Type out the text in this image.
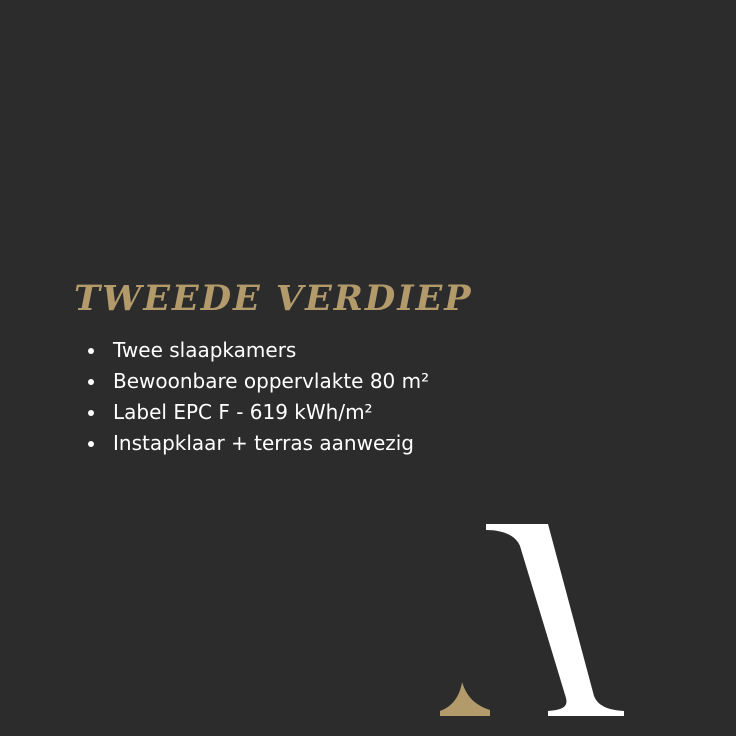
TWEEDE VERDIEP
Twee slaapkamers
Bewoonbare oppervlakte 80 m²
Label EPC F - 619 kWh/m²
Instapklaar + terras aanwezig
